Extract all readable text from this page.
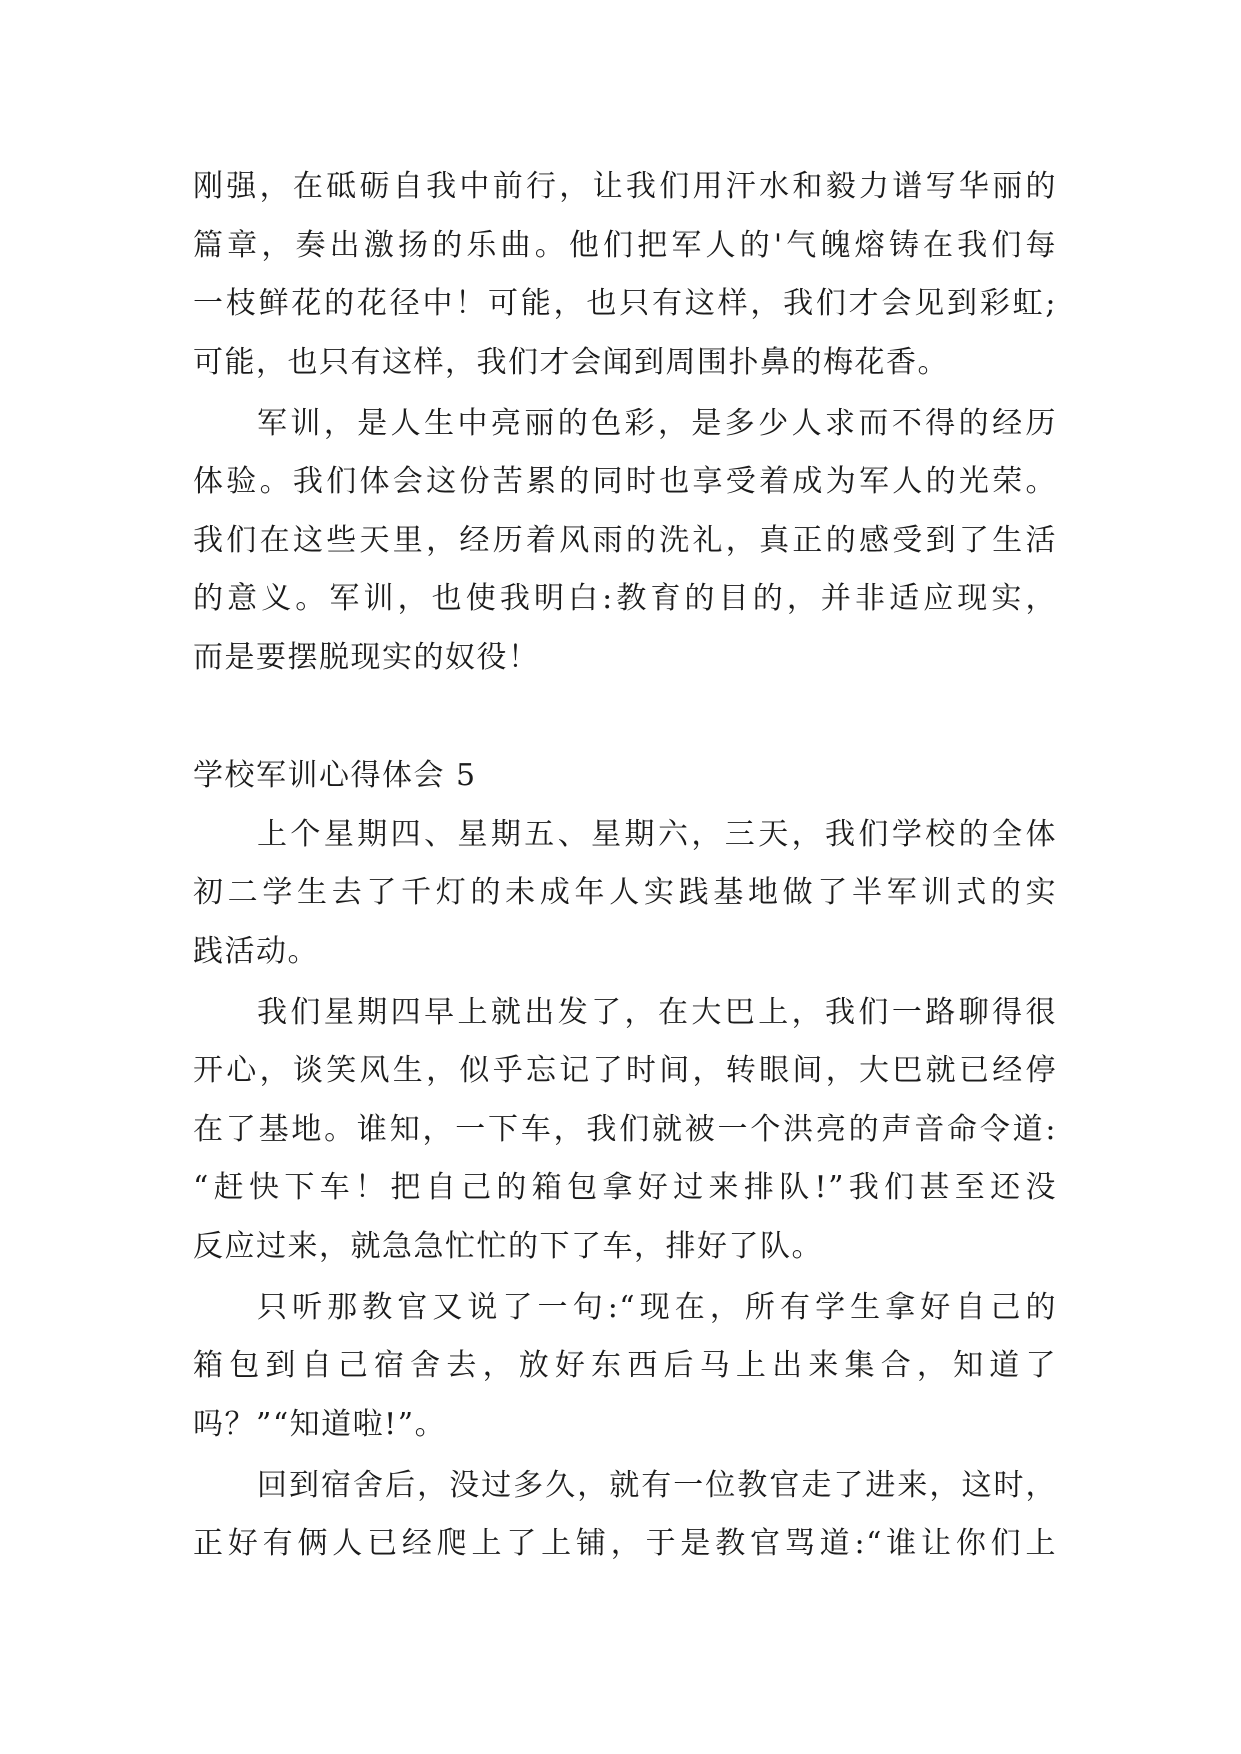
刚强，在砥砺自我中前行，让我们用汗水和毅力谱写华丽的
篇章，奏出激扬的乐曲。他们把军人的'气魄熔铸在我们每
一枝鲜花的花径中！可能，也只有这样，我们才会见到彩虹;
可能，也只有这样，我们才会闻到周围扑鼻的梅花香。
军训，是人生中亮丽的色彩，是多少人求而不得的经历
体验。我们体会这份苦累的同时也享受着成为军人的光荣。
我们在这些天里，经历着风雨的洗礼，真正的感受到了生活
的意义。军训，也使我明白:教育的目的，并非适应现实，
而是要摆脱现实的奴役！
学校军训心得体会 5
上个星期四、星期五、星期六，三天，我们学校的全体
初二学生去了千灯的未成年人实践基地做了半军训式的实
践活动。
我们星期四早上就出发了，在大巴上，我们一路聊得很
开心，谈笑风生，似乎忘记了时间，转眼间，大巴就已经停
在了基地。谁知，一下车，我们就被一个洪亮的声音命令道:
“赶快下车！把自己的箱包拿好过来排队!”我们甚至还没
反应过来，就急急忙忙的下了车，排好了队。
只听那教官又说了一句:“现在，所有学生拿好自己的
箱包到自己宿舍去，放好东西后马上出来集合，知道了
吗？”“知道啦!”。
回到宿舍后，没过多久，就有一位教官走了进来，这时，
正好有俩人已经爬上了上铺，于是教官骂道:“谁让你们上
